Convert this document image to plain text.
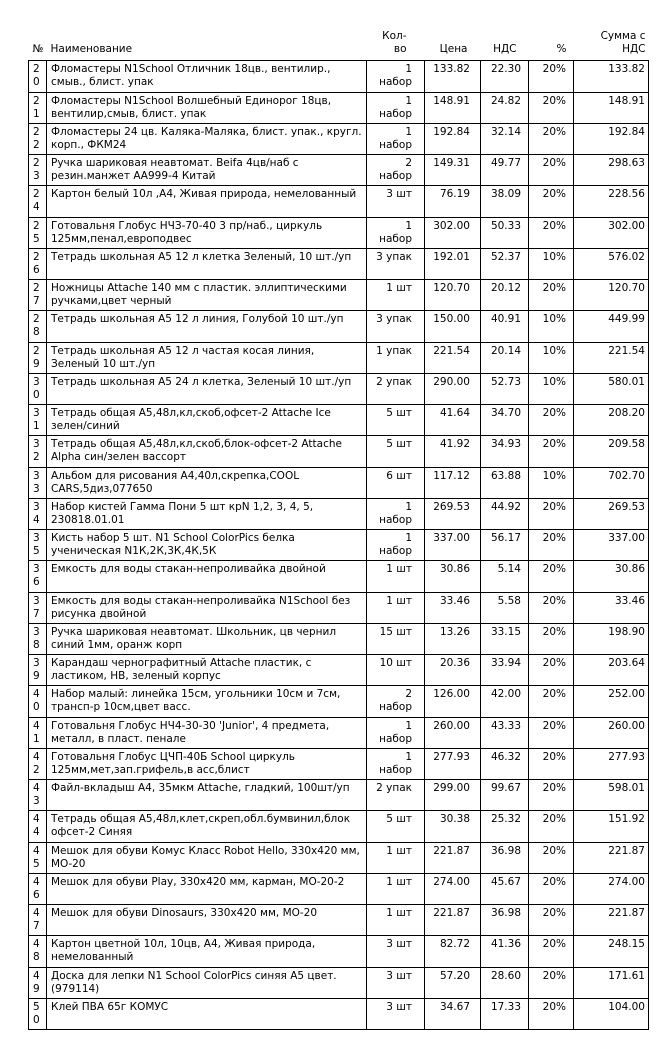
№	Наименование	Кол-во	Цена	НДС	%	Сумма с НДС
20	Фломастеры N1School Отличник 18цв., вентилир., смыв., блист. упак	1 набор	133.82	22.30	20%	133.82
21	Фломастеры N1School Волшебный Единорог 18цв, вентилир,смыв, блист. упак	1 набор	148.91	24.82	20%	148.91
22	Фломастеры 24 цв. Каляка-Маляка, блист. упак., кругл. корп., ФКМ24	1 набор	192.84	32.14	20%	192.84
23	Ручка шариковая неавтомат. Beifa 4цв/наб с резин.манжет AA999-4 Китай	2 набор	149.31	49.77	20%	298.63
24	Картон белый 10л ,А4, Живая природа, немелованный	3 шт	76.19	38.09	20%	228.56
25	Готовальня Глобус НЧЗ-70-40 3 пр/наб., циркуль 125мм,пенал,европодвес	1 набор	302.00	50.33	20%	302.00
26	Тетрадь школьная А5 12 л клетка Зеленый, 10 шт./уп	3 упак	192.01	52.37	10%	576.02
27	Ножницы Attache 140 мм с пластик. эллиптическими ручками,цвет черный	1 шт	120.70	20.12	20%	120.70
28	Тетрадь школьная А5 12 л линия, Голубой 10 шт./уп	3 упак	150.00	40.91	10%	449.99
29	Тетрадь школьная А5 12 л частая косая линия, Зеленый 10 шт./уп	1 упак	221.54	20.14	10%	221.54
30	Тетрадь школьная А5 24 л клетка, Зеленый 10 шт./уп	2 упак	290.00	52.73	10%	580.01
31	Тетрадь общая А5,48л,кл,скоб,офсет-2 Attache Ice зелен/синий	5 шт	41.64	34.70	20%	208.20
32	Тетрадь общая А5,48л,кл,скоб,блок-офсет-2 Attache Alpha син/зелен вассорт	5 шт	41.92	34.93	20%	209.58
33	Альбом для рисования А4,40л,скрепка,COOL CARS,5диз,077650	6 шт	117.12	63.88	10%	702.70
34	Набор кистей Гамма Пони 5 шт крN 1,2, 3, 4, 5, 230818.01.01	1 набор	269.53	44.92	20%	269.53
35	Кисть набор 5 шт. N1 School ColorPics белка ученическая N1К,2К,3К,4К,5К	1 набор	337.00	56.17	20%	337.00
36	Емкость для воды стакан-непроливайка двойной	1 шт	30.86	5.14	20%	30.86
37	Емкость для воды стакан-непроливайка N1School без рисунка двойной	1 шт	33.46	5.58	20%	33.46
38	Ручка шариковая неавтомат. Школьник, цв чернил синий 1мм, оранж корп	15 шт	13.26	33.15	20%	198.90
39	Карандаш чернографитный Attache пластик, с ластиком, HB, зеленый корпус	10 шт	20.36	33.94	20%	203.64
40	Набор малый: линейка 15см, угольники 10см и 7см, трансп-р 10см,цвет васс.	2 набор	126.00	42.00	20%	252.00
41	Готовальня Глобус НЧ4-30-30 'Junior', 4 предмета, металл, в пласт. пенале	1 набор	260.00	43.33	20%	260.00
42	Готовальня Глобус ЦЧП-40Б School циркуль 125мм,мет,зап.грифель,в асс,блист	1 набор	277.93	46.32	20%	277.93
43	Файл-вкладыш А4, 35мкм Attache, гладкий, 100шт/уп	2 упак	299.00	99.67	20%	598.01
44	Тетрадь общая А5,48л,клет,скреп,обл.бумвинил,блок офсет-2 Синяя	5 шт	30.38	25.32	20%	151.92
45	Мешок для обуви Комус Класс Robot Hello, 330x420 мм, МО-20	1 шт	221.87	36.98	20%	221.87
46	Мешок для обуви Play, 330x420 мм, карман, МО-20-2	1 шт	274.00	45.67	20%	274.00
47	Мешок для обуви Dinosaurs, 330x420 мм, МО-20	1 шт	221.87	36.98	20%	221.87
48	Картон цветной 10л, 10цв, А4, Живая природа, немелованный	3 шт	82.72	41.36	20%	248.15
49	Доска для лепки N1 School ColorPics синяя А5 цвет. (979114)	3 шт	57.20	28.60	20%	171.61
50	Клей ПВА 65г КОМУС	3 шт	34.67	17.33	20%	104.00
